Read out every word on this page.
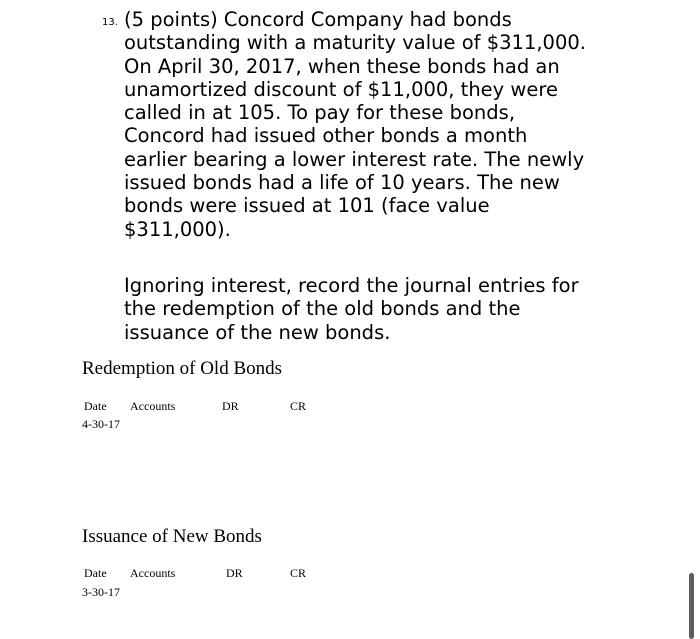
13. (5 points) Concord Company had bonds
outstanding with a maturity value of $311,000.
On April 30, 2017, when these bonds had an
unamortized discount of $11,000, they were
called in at 105. To pay for these bonds,
Concord had issued other bonds a month
earlier bearing a lower interest rate. The newly
issued bonds had a life of 10 years. The new
bonds were issued at 101 (face value
$311,000).
Ignoring interest, record the journal entries for
the redemption of the old bonds and the
issuance of the new bonds.
Redemption of Old Bonds
Date Accounts	DR	CR
4-30-17
Issuance of New Bonds
Date Accounts	DR	CR
3-30-17
